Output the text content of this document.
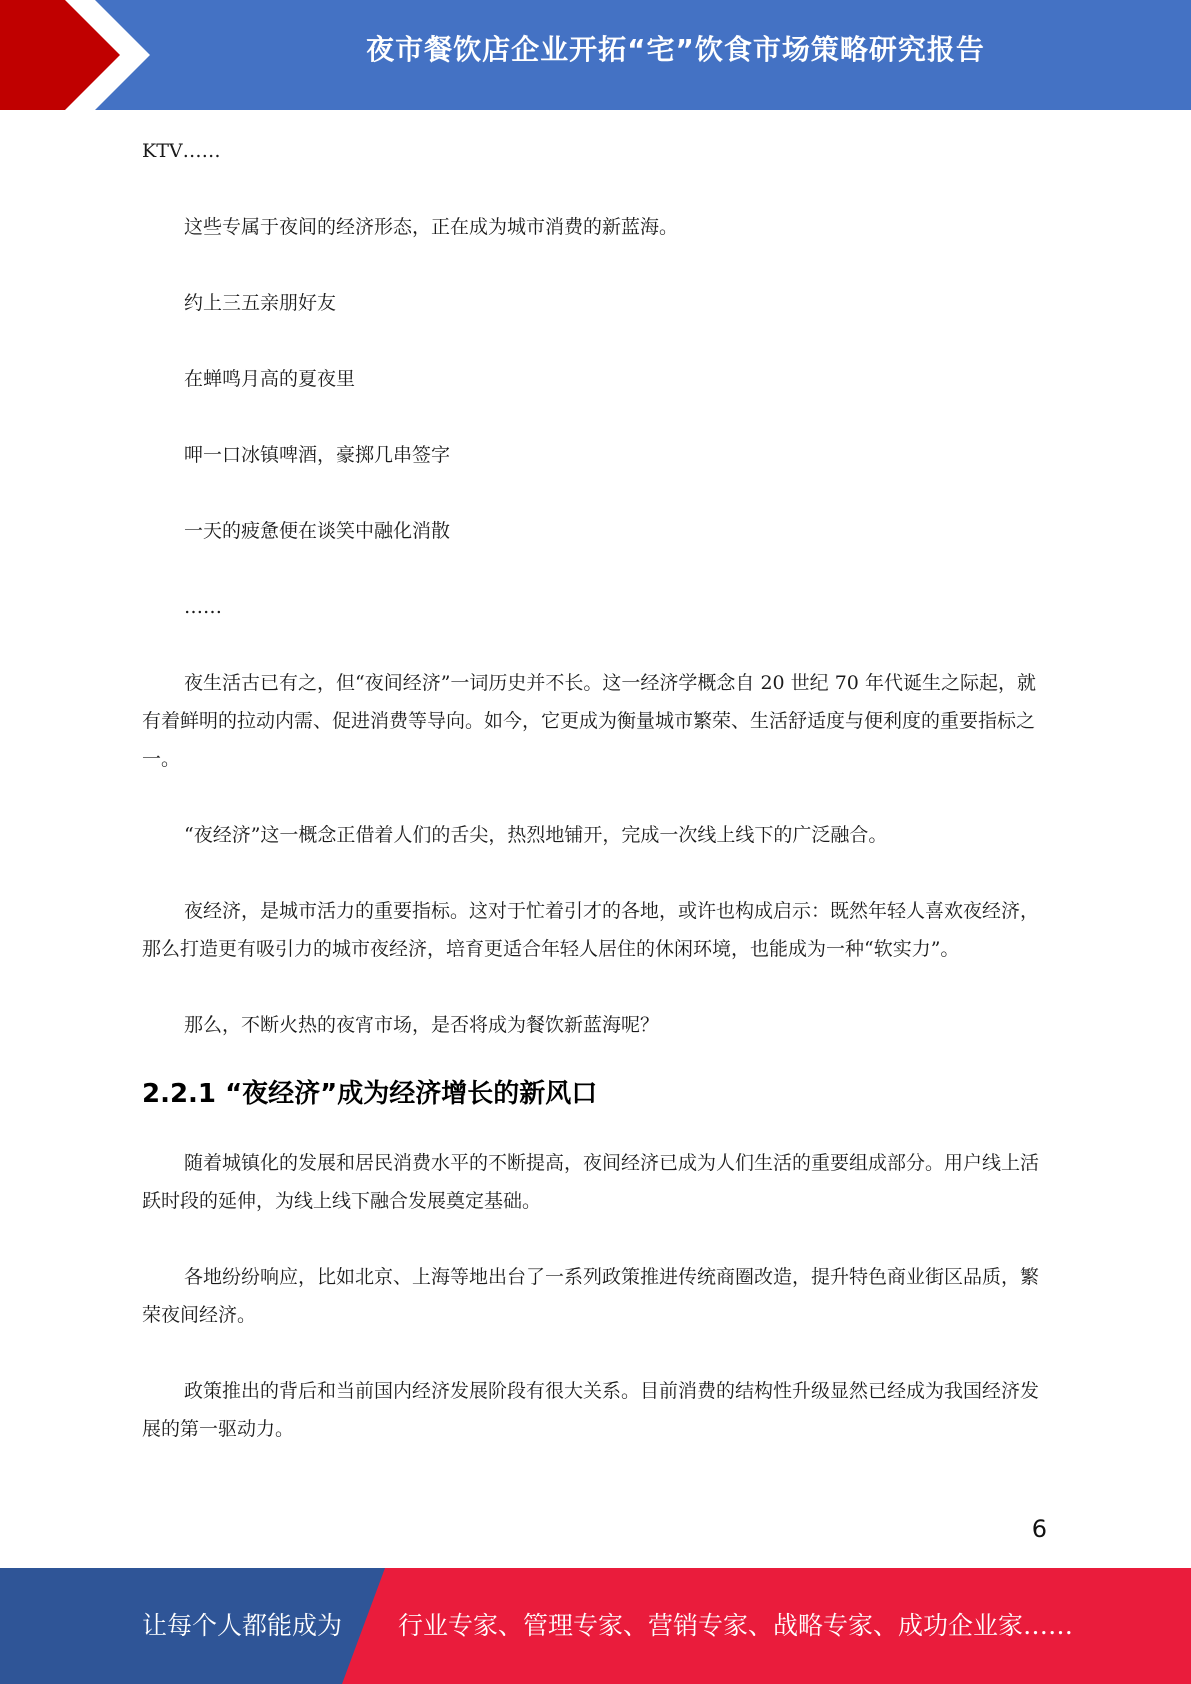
夜市餐饮店企业开拓“宅”饮食市场策略研究报告

KTV……

这些专属于夜间的经济形态，正在成为城市消费的新蓝海。

约上三五亲朋好友

在蝉鸣月高的夏夜里

呷一口冰镇啤酒，豪掷几串签字

一天的疲惫便在谈笑中融化消散

……

夜生活古已有之，但“夜间经济”一词历史并不长。这一经济学概念自 20 世纪 70 年代诞生之际起，就有着鲜明的拉动内需、促进消费等导向。如今，它更成为衡量城市繁荣、生活舒适度与便利度的重要指标之一。

“夜经济”这一概念正借着人们的舌尖，热烈地铺开，完成一次线上线下的广泛融合。

夜经济，是城市活力的重要指标。这对于忙着引才的各地，或许也构成启示：既然年轻人喜欢夜经济，那么打造更有吸引力的城市夜经济，培育更适合年轻人居住的休闲环境，也能成为一种“软实力”。

那么，不断火热的夜宵市场，是否将成为餐饮新蓝海呢？

2.2.1 “夜经济”成为经济增长的新风口

随着城镇化的发展和居民消费水平的不断提高，夜间经济已成为人们生活的重要组成部分。用户线上活跃时段的延伸，为线上线下融合发展奠定基础。

各地纷纷响应，比如北京、上海等地出台了一系列政策推进传统商圈改造，提升特色商业街区品质，繁荣夜间经济。

政策推出的背后和当前国内经济发展阶段有很大关系。目前消费的结构性升级显然已经成为我国经济发展的第一驱动力。

6
让每个人都能成为 行业专家、管理专家、营销专家、战略专家、成功企业家……
